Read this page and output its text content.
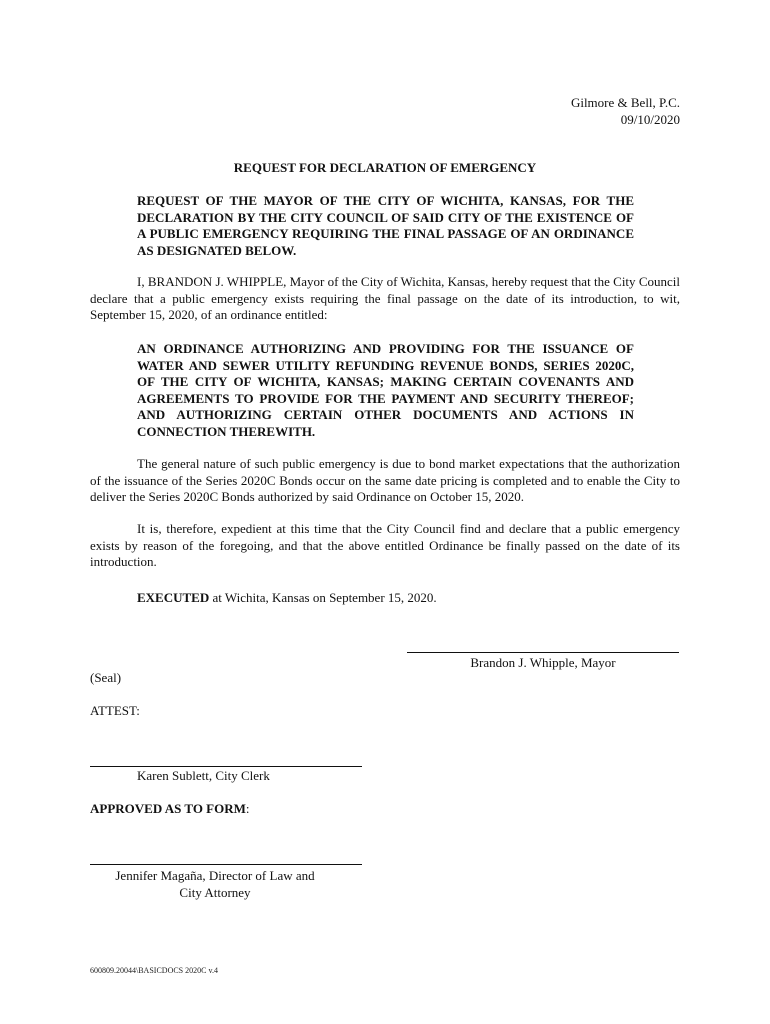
Gilmore & Bell, P.C.
09/10/2020
REQUEST FOR DECLARATION OF EMERGENCY
REQUEST OF THE MAYOR OF THE CITY OF WICHITA, KANSAS, FOR THE DECLARATION BY THE CITY COUNCIL OF SAID CITY OF THE EXISTENCE OF A PUBLIC EMERGENCY REQUIRING THE FINAL PASSAGE OF AN ORDINANCE AS DESIGNATED BELOW.
I, BRANDON J. WHIPPLE, Mayor of the City of Wichita, Kansas, hereby request that the City Council declare that a public emergency exists requiring the final passage on the date of its introduction, to wit, September 15, 2020, of an ordinance entitled:
AN ORDINANCE AUTHORIZING AND PROVIDING FOR THE ISSUANCE OF WATER AND SEWER UTILITY REFUNDING REVENUE BONDS, SERIES 2020C, OF THE CITY OF WICHITA, KANSAS; MAKING CERTAIN COVENANTS AND AGREEMENTS TO PROVIDE FOR THE PAYMENT AND SECURITY THEREOF; AND AUTHORIZING CERTAIN OTHER DOCUMENTS AND ACTIONS IN CONNECTION THEREWITH.
The general nature of such public emergency is due to bond market expectations that the authorization of the issuance of the Series 2020C Bonds occur on the same date pricing is completed and to enable the City to deliver the Series 2020C Bonds authorized by said Ordinance on October 15, 2020.
It is, therefore, expedient at this time that the City Council find and declare that a public emergency exists by reason of the foregoing, and that the above entitled Ordinance be finally passed on the date of its introduction.
EXECUTED at Wichita, Kansas on September 15, 2020.
Brandon J. Whipple, Mayor
(Seal)
ATTEST:
Karen Sublett, City Clerk
APPROVED AS TO FORM:
Jennifer Magaña, Director of Law and
City Attorney
600809.20044\BASICDOCS 2020C v.4
